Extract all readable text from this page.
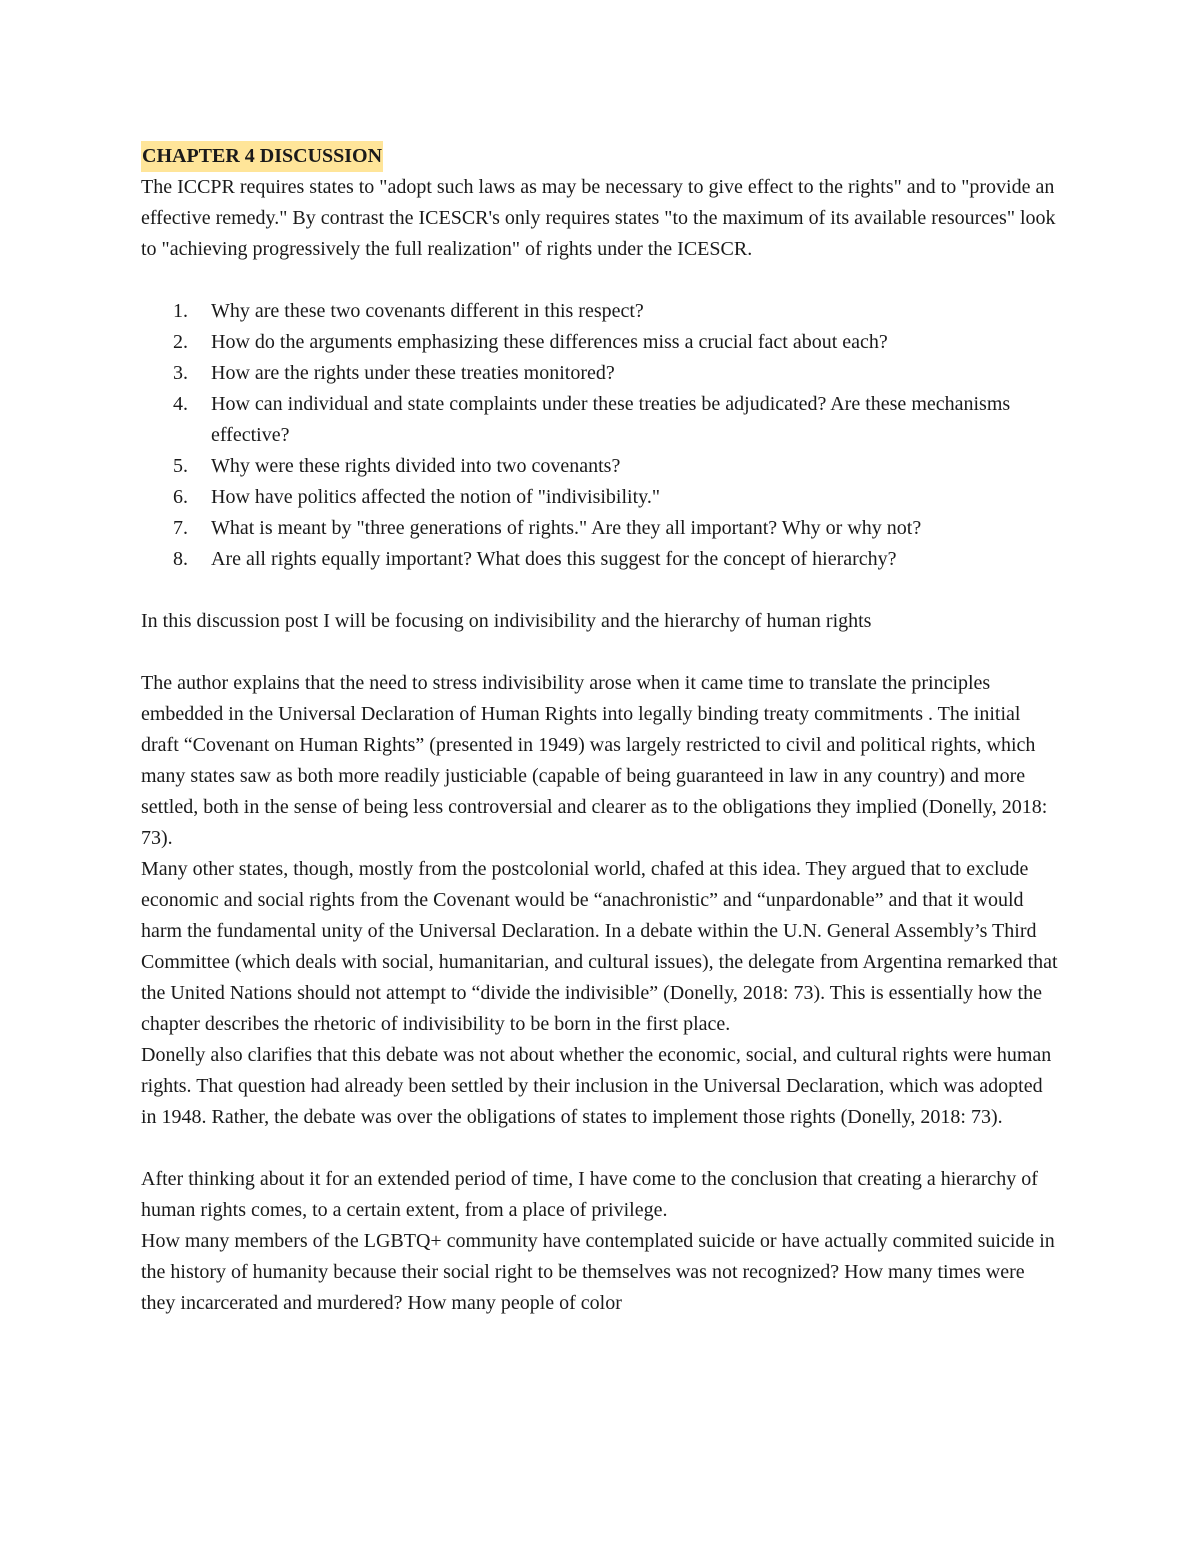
CHAPTER 4 DISCUSSION

The ICCPR requires states to "adopt such laws as may be necessary to give effect to the rights" and to "provide an effective remedy." By contrast the ICESCR's only requires states "to the maximum of its available resources" look to "achieving progressively the full realization" of rights under the ICESCR.

1.	Why are these two covenants different in this respect?
2.	How do the arguments emphasizing these differences miss a crucial fact about each?
3.	How are the rights under these treaties monitored?
4.	How can individual and state complaints under these treaties be adjudicated? Are these mechanisms effective?
5.	Why were these rights divided into two covenants?
6.	How have politics affected the notion of "indivisibility."
7.	What is meant by "three generations of rights." Are they all important? Why or why not?
8.	Are all rights equally important? What does this suggest for the concept of hierarchy?

In this discussion post I will be focusing on indivisibility and the hierarchy of human rights

The author explains that the need to stress indivisibility arose when it came time to translate the principles embedded in the Universal Declaration of Human Rights into legally binding treaty commitments . The initial draft “Covenant on Human Rights” (presented in 1949) was largely restricted to civil and political rights, which many states saw as both more readily justiciable (capable of being guaranteed in law in any country) and more settled, both in the sense of being less controversial and clearer as to the obligations they implied (Donelly, 2018: 73).

Many other states, though, mostly from the postcolonial world, chafed at this idea. They argued that to exclude economic and social rights from the Covenant would be “anachronistic” and “unpardonable” and that it would harm the fundamental unity of the Universal Declaration. In a debate within the U.N. General Assembly’s Third Committee (which deals with social, humanitarian, and cultural issues), the delegate from Argentina remarked that the United Nations should not attempt to “divide the indivisible” (Donelly, 2018: 73). This is essentially how the chapter describes the rhetoric of indivisibility to be born in the first place.

Donelly also clarifies that this debate was not about whether the economic, social, and cultural rights were human rights. That question had already been settled by their inclusion in the Universal Declaration, which was adopted in 1948. Rather, the debate was over the obligations of states to implement those rights (Donelly, 2018: 73).

After thinking about it for an extended period of time, I have come to the conclusion that creating a hierarchy of human rights comes, to a certain extent, from a place of privilege.

How many members of the LGBTQ+ community have contemplated suicide or have actually commited suicide in the history of humanity because their social right to be themselves was not recognized? How many times were they incarcerated and murdered? How many people of color
